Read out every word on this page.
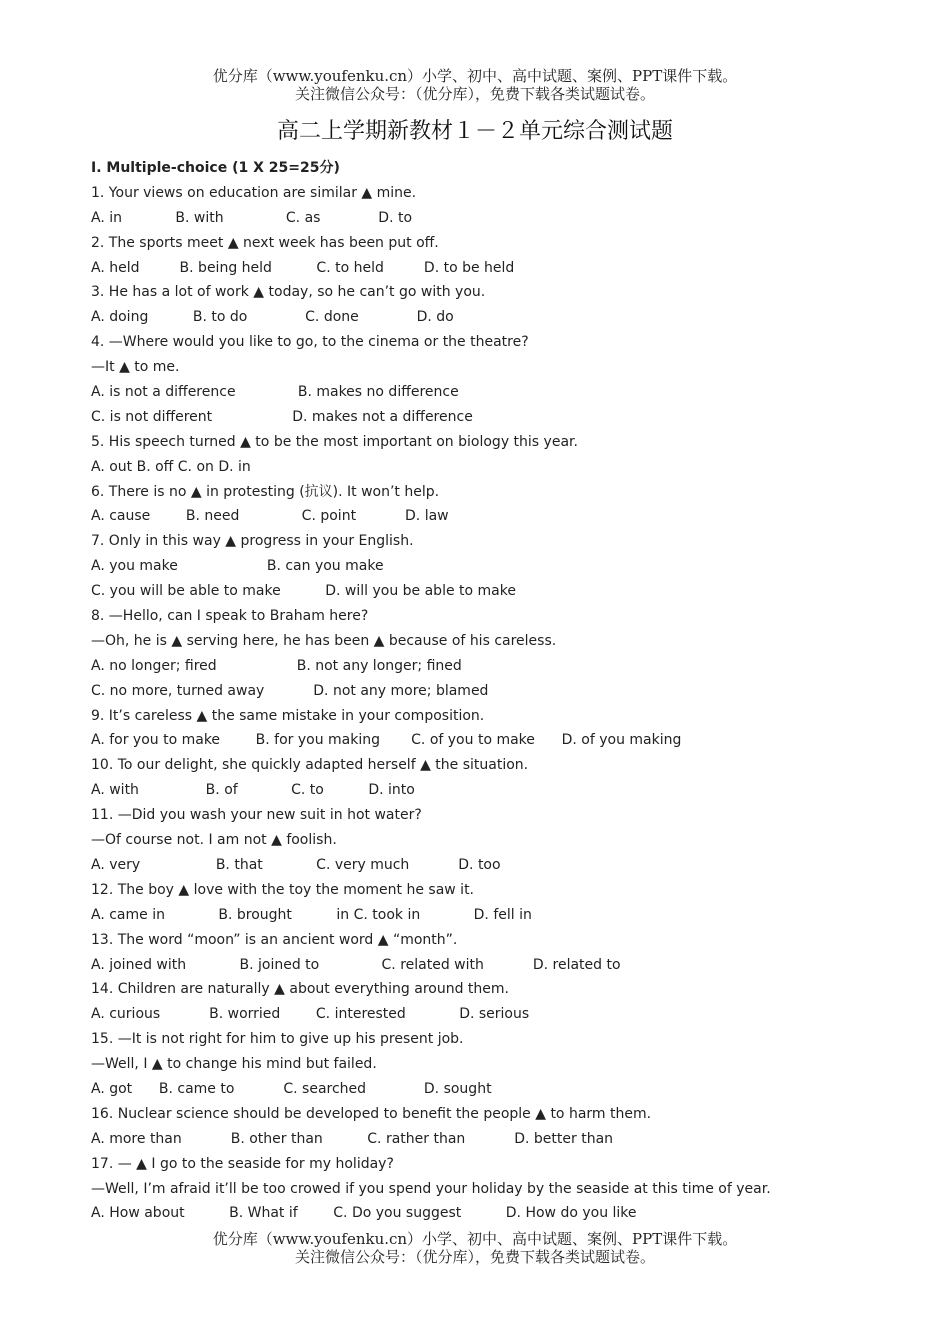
优分库（www.youfenku.cn）小学、初中、高中试题、案例、PPT课件下载。
关注微信公众号：（优分库），免费下载各类试题试卷。
高二上学期新教材１－２单元综合测试题
I. Multiple-choice (1 X 25=25分)
1. Your views on education are similar ▲ mine.
A. in            B. with              C. as             D. to
2. The sports meet ▲ next week has been put off.
A. held         B. being held          C. to held         D. to be held
3. He has a lot of work ▲ today, so he can’t go with you.
A. doing          B. to do             C. done             D. do
4. —Where would you like to go, to the cinema or the theatre?
—It ▲ to me.
A. is not a difference              B. makes no difference
C. is not different                  D. makes not a difference
5. His speech turned ▲ to be the most important on biology this year.
A. out B. off C. on D. in
6. There is no ▲ in protesting (抗议). It won’t help.
A. cause        B. need              C. point           D. law
7. Only in this way ▲ progress in your English.
A. you make                    B. can you make
C. you will be able to make          D. will you be able to make
8. —Hello, can I speak to Braham here?
—Oh, he is ▲ serving here, he has been ▲ because of his careless.
A. no longer; fired                  B. not any longer; fined
C. no more, turned away           D. not any more; blamed
9. It’s careless ▲ the same mistake in your composition.
A. for you to make        B. for you making       C. of you to make      D. of you making
10. To our delight, she quickly adapted herself ▲ the situation.
A. with               B. of            C. to          D. into
11. —Did you wash your new suit in hot water?
—Of course not. I am not ▲ foolish.
A. very                 B. that            C. very much           D. too
12. The boy ▲ love with the toy the moment he saw it.
A. came in            B. brought          in C. took in            D. fell in
13. The word “moon” is an ancient word ▲ “month”.
A. joined with            B. joined to              C. related with           D. related to
14. Children are naturally ▲ about everything around them.
A. curious           B. worried        C. interested            D. serious
15. —It is not right for him to give up his present job.
—Well, I ▲ to change his mind but failed.
A. got      B. came to           C. searched             D. sought
16. Nuclear science should be developed to benefit the people ▲ to harm them.
A. more than           B. other than          C. rather than           D. better than
17. — ▲ I go to the seaside for my holiday?
—Well, I’m afraid it’ll be too crowed if you spend your holiday by the seaside at this time of year.
A. How about          B. What if        C. Do you suggest          D. How do you like
优分库（www.youfenku.cn）小学、初中、高中试题、案例、PPT课件下载。
关注微信公众号：（优分库），免费下载各类试题试卷。
